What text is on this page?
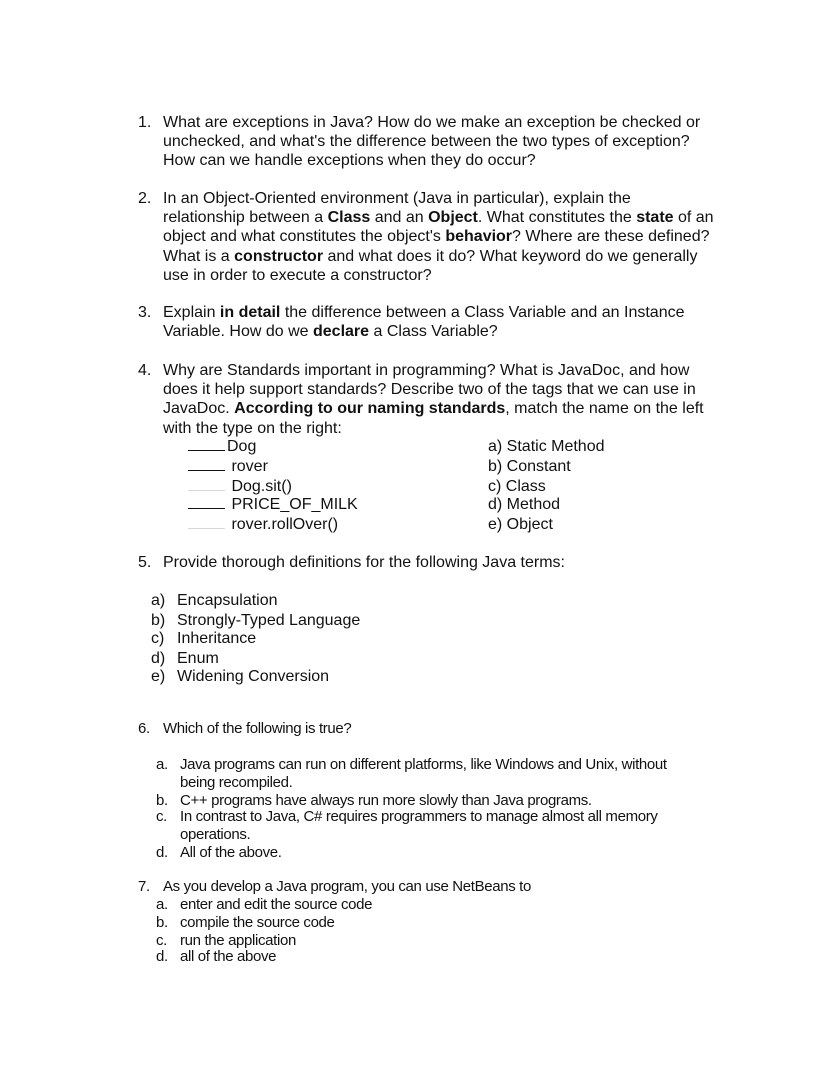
1. What are exceptions in Java? How do we make an exception be checked or
unchecked, and what's the difference between the two types of exception?
How can we handle exceptions when they do occur?
2. In an Object-Oriented environment (Java in particular), explain the
relationship between a Class and an Object. What constitutes the state of an
object and what constitutes the object's behavior? Where are these defined?
What is a constructor and what does it do? What keyword do we generally
use in order to execute a constructor?
3. Explain in detail the difference between a Class Variable and an Instance
Variable. How do we declare a Class Variable?
4. Why are Standards important in programming? What is JavaDoc, and how
does it help support standards? Describe two of the tags that we can use in
JavaDoc. According to our naming standards, match the name on the left
with the type on the right:
Dog
rover
Dog.sit()
PRICE_OF_MILK
rover.rollOver()
a) Static Method
b) Constant
c) Class
d) Method
e) Object
5. Provide thorough definitions for the following Java terms:
a) Encapsulation
b) Strongly-Typed Language
c) Inheritance
d) Enum
e) Widening Conversion
6. Which of the following is true?
a. Java programs can run on different platforms, like Windows and Unix, without
being recompiled.
b. C++ programs have always run more slowly than Java programs.
c. In contrast to Java, C# requires programmers to manage almost all memory
operations.
d. All of the above.
7. As you develop a Java program, you can use NetBeans to
a. enter and edit the source code
b. compile the source code
c. run the application
d. all of the above
